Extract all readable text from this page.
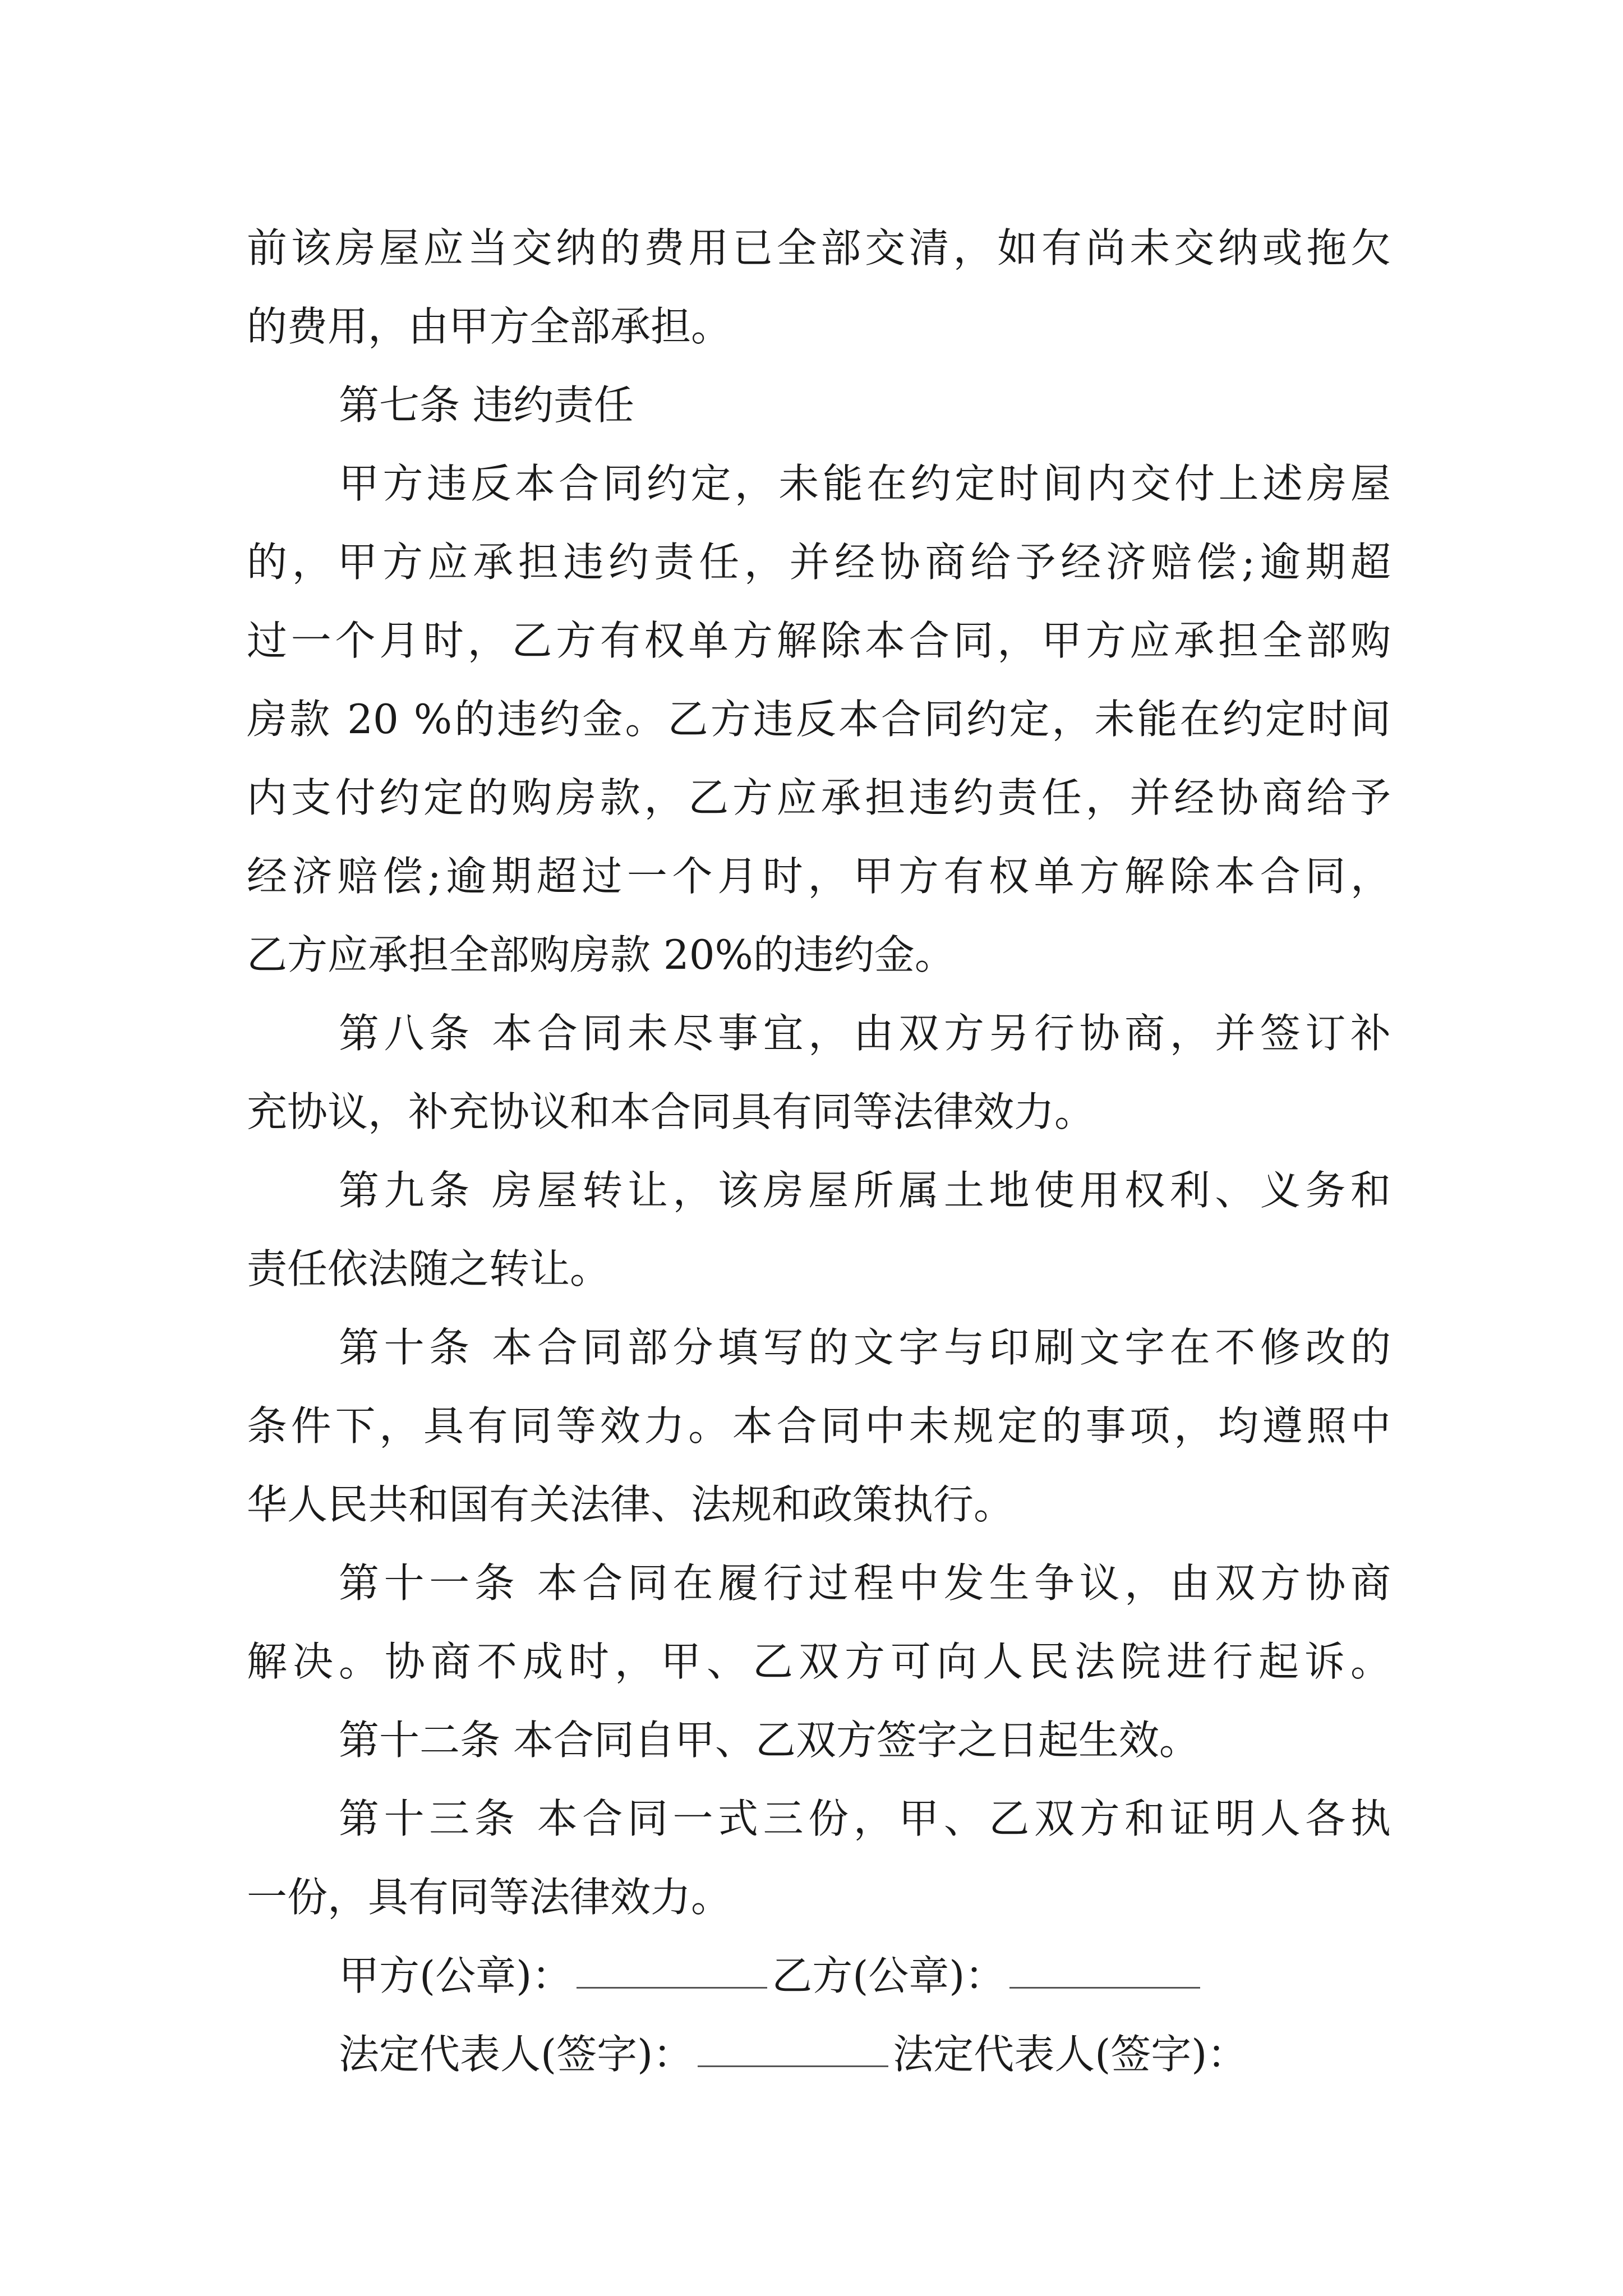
前该房屋应当交纳的费用已全部交清，如有尚未交纳或拖欠
的费用，由甲方全部承担。
第七条 违约责任
甲方违反本合同约定，未能在约定时间内交付上述房屋
的，甲方应承担违约责任，并经协商给予经济赔偿;逾期超
过一个月时，乙方有权单方解除本合同，甲方应承担全部购
房款 20 %的违约金。乙方违反本合同约定，未能在约定时间
内支付约定的购房款，乙方应承担违约责任，并经协商给予
经济赔偿;逾期超过一个月时，甲方有权单方解除本合同，
乙方应承担全部购房款 20%的违约金。
第八条 本合同未尽事宜，由双方另行协商，并签订补
充协议，补充协议和本合同具有同等法律效力。
第九条 房屋转让，该房屋所属土地使用权利、义务和
责任依法随之转让。
第十条 本合同部分填写的文字与印刷文字在不修改的
条件下，具有同等效力。本合同中未规定的事项，均遵照中
华人民共和国有关法律、法规和政策执行。
第十一条 本合同在履行过程中发生争议，由双方协商
解决。协商不成时，甲、乙双方可向人民法院进行起诉。
第十二条 本合同自甲、乙双方签字之日起生效。
第十三条 本合同一式三份，甲、乙双方和证明人各执
一份，具有同等法律效力。
甲方(公章)：	乙方(公章)：
法定代表人(签字)：	法定代表人(签字)：
